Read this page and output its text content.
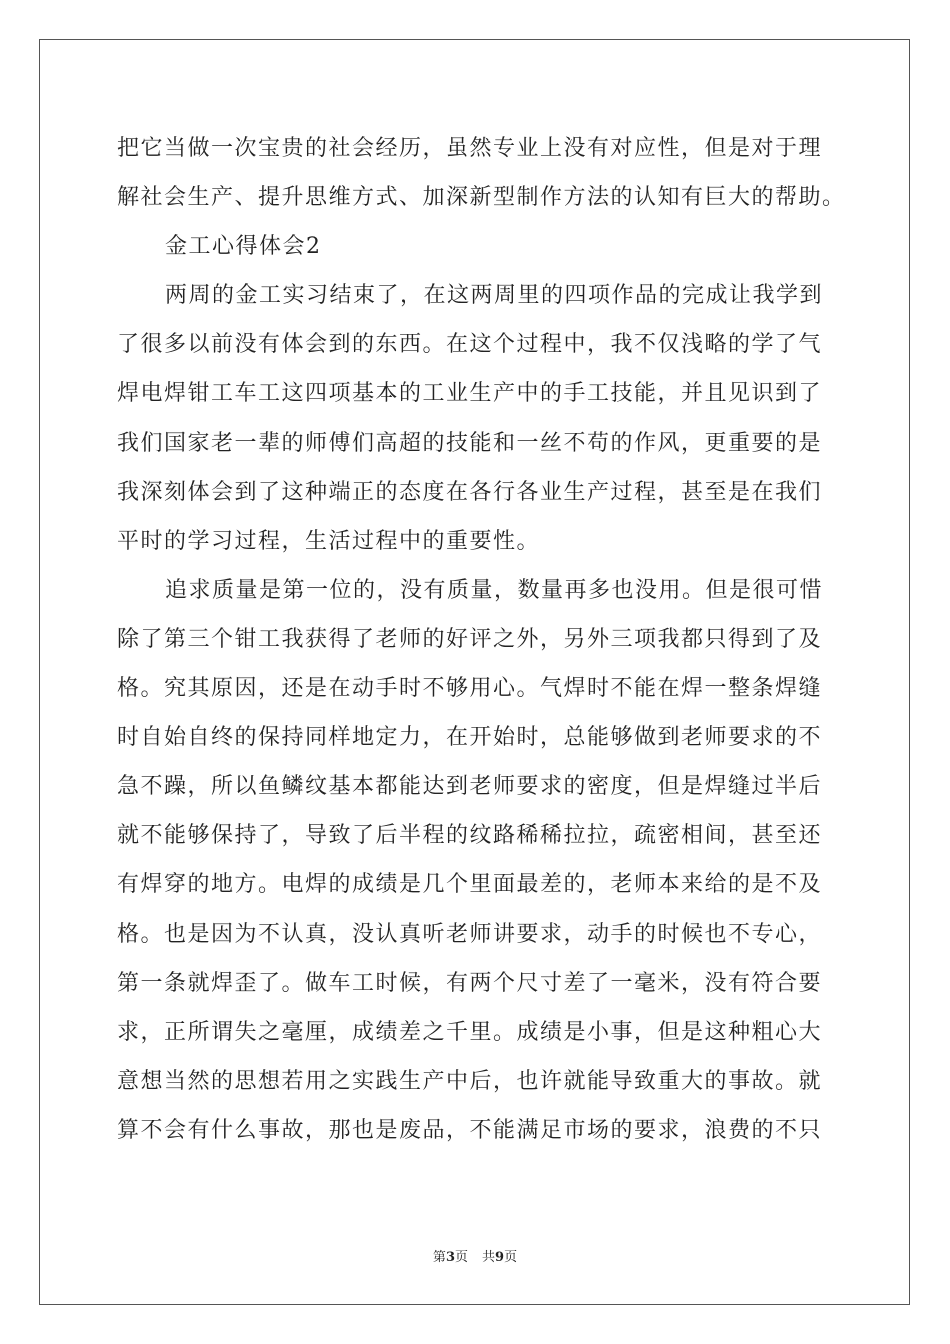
把它当做一次宝贵的社会经历，虽然专业上没有对应性，但是对于理
解社会生产、提升思维方式、加深新型制作方法的认知有巨大的帮助。
金工心得体会2
两周的金工实习结束了，在这两周里的四项作品的完成让我学到
了很多以前没有体会到的东西。在这个过程中，我不仅浅略的学了气
焊电焊钳工车工这四项基本的工业生产中的手工技能，并且见识到了
我们国家老一辈的师傅们高超的技能和一丝不苟的作风，更重要的是
我深刻体会到了这种端正的态度在各行各业生产过程，甚至是在我们
平时的学习过程，生活过程中的重要性。
追求质量是第一位的，没有质量，数量再多也没用。但是很可惜
除了第三个钳工我获得了老师的好评之外，另外三项我都只得到了及
格。究其原因，还是在动手时不够用心。气焊时不能在焊一整条焊缝
时自始自终的保持同样地定力，在开始时，总能够做到老师要求的不
急不躁，所以鱼鳞纹基本都能达到老师要求的密度，但是焊缝过半后
就不能够保持了，导致了后半程的纹路稀稀拉拉，疏密相间，甚至还
有焊穿的地方。电焊的成绩是几个里面最差的，老师本来给的是不及
格。也是因为不认真，没认真听老师讲要求，动手的时候也不专心，
第一条就焊歪了。做车工时候，有两个尺寸差了一毫米，没有符合要
求，正所谓失之毫厘，成绩差之千里。成绩是小事，但是这种粗心大
意想当然的思想若用之实践生产中后，也许就能导致重大的事故。就
算不会有什么事故，那也是废品，不能满足市场的要求，浪费的不只
第3页 共9页
